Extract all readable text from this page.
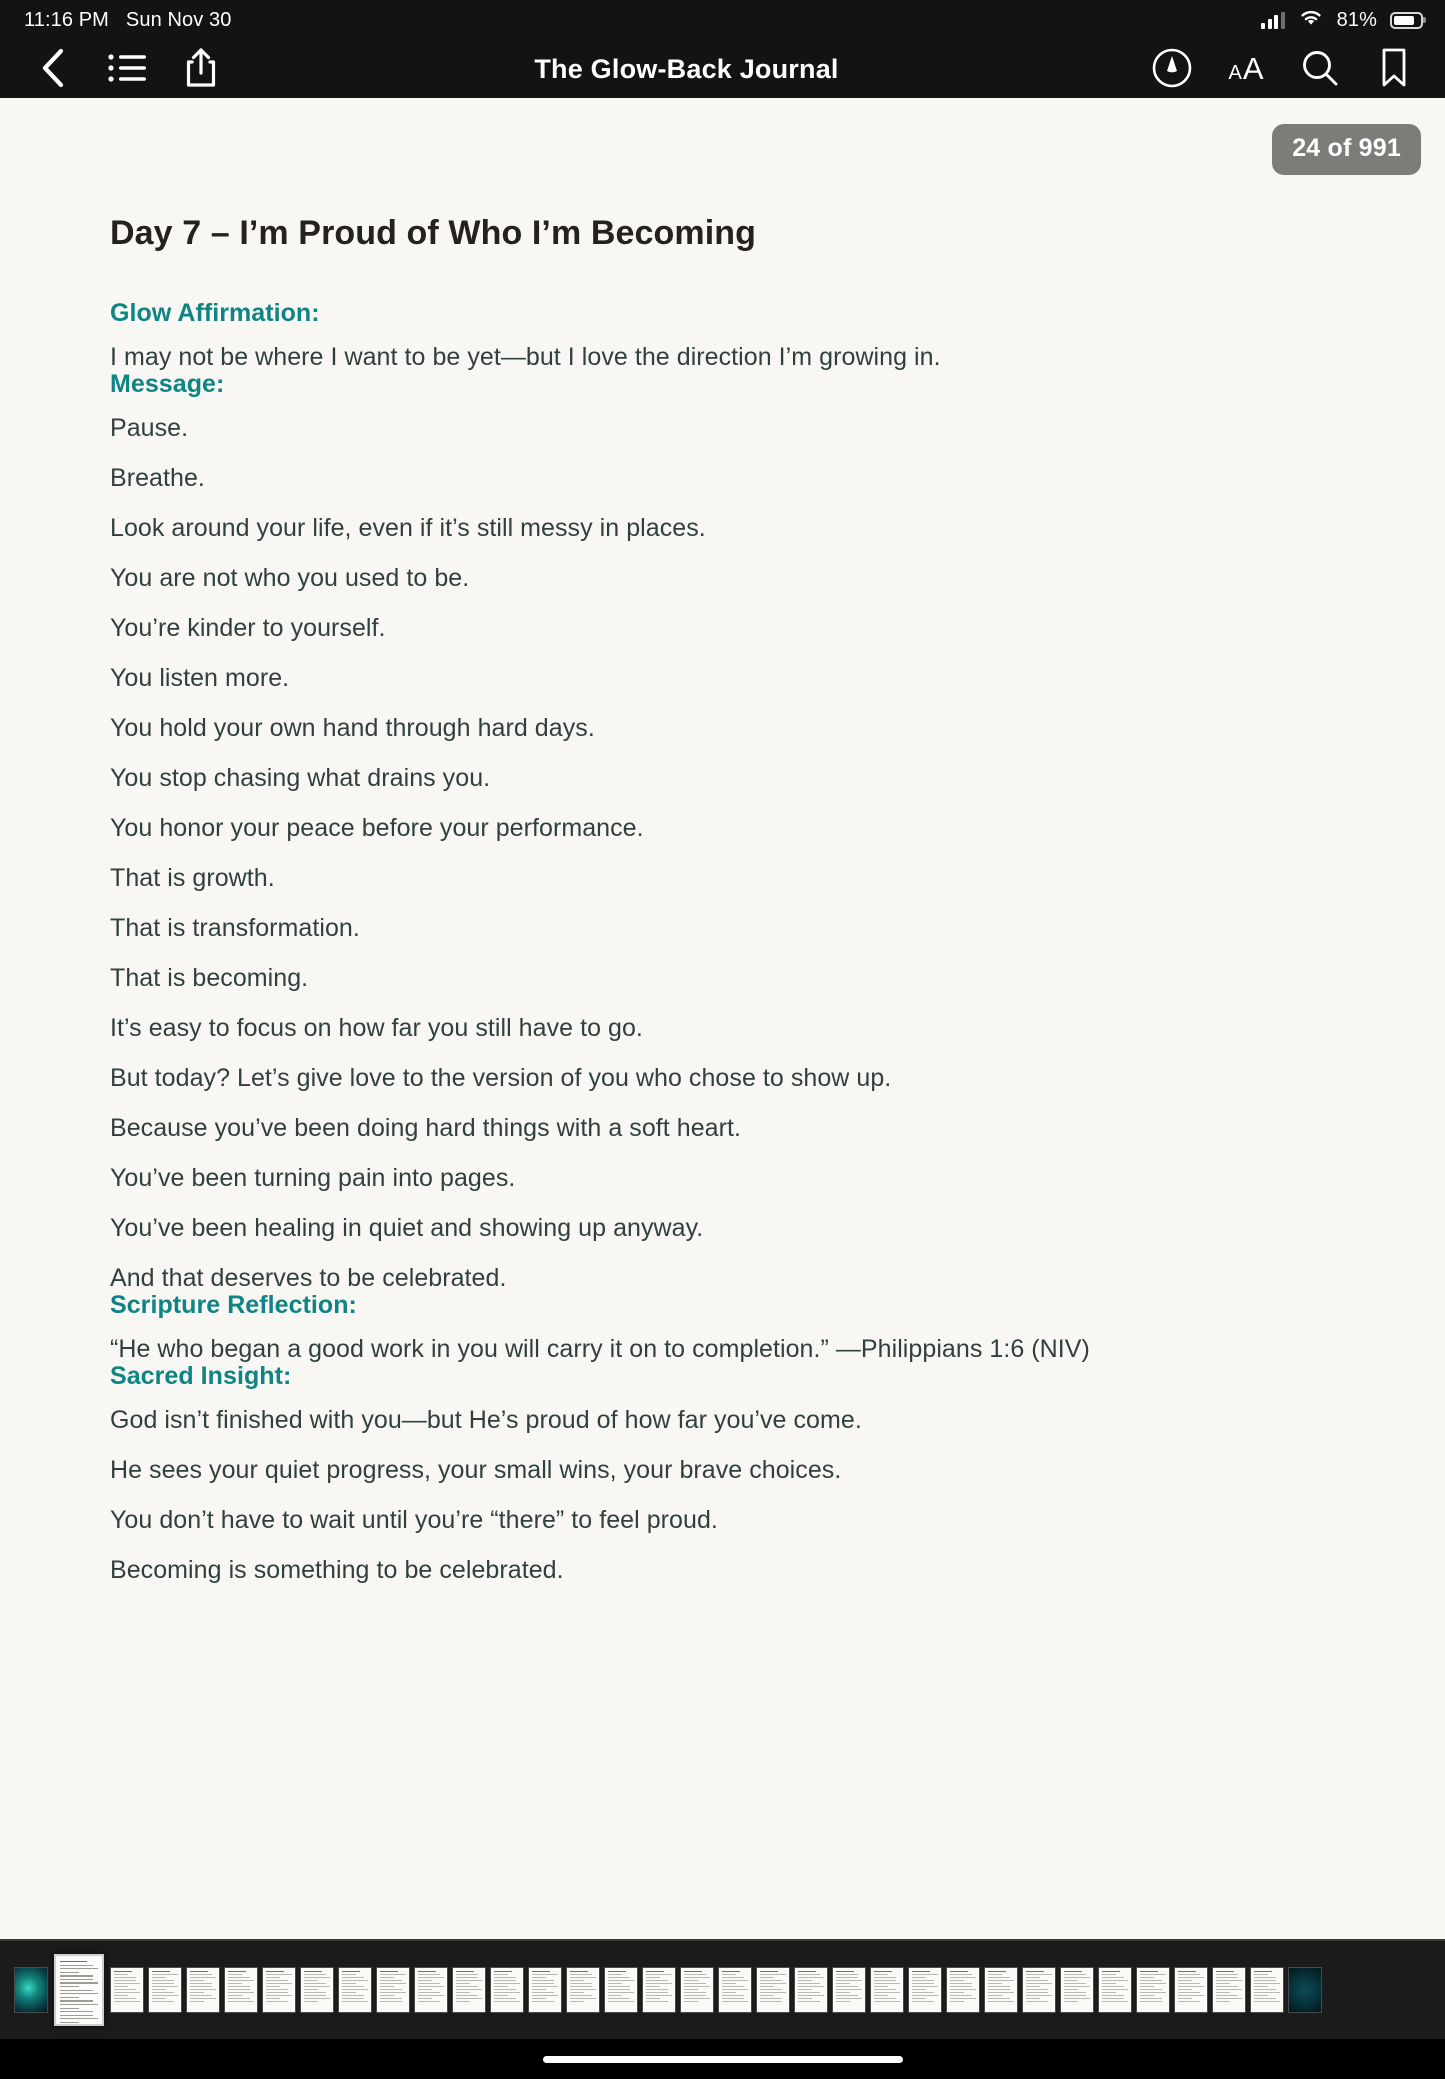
11:16 PM Sun Nov 30	81%
The Glow-Back Journal	A A
24 of 991
Day 7 – I’m Proud of Who I’m Becoming
Glow Affirmation:

I may not be where I want to be yet—but I love the direction I’m growing in.

Message:

Pause.

Breathe.

Look around your life, even if it’s still messy in places.

You are not who you used to be.

You’re kinder to yourself.

You listen more.

You hold your own hand through hard days.

You stop chasing what drains you.

You honor your peace before your performance.

That is growth.

That is transformation.

That is becoming.

It’s easy to focus on how far you still have to go.

But today? Let’s give love to the version of you who chose to show up.

Because you’ve been doing hard things with a soft heart.

You’ve been turning pain into pages.

You’ve been healing in quiet and showing up anyway.

And that deserves to be celebrated.

Scripture Reflection:

“He who began a good work in you will carry it on to completion.” —Philippians 1:6 (NIV)

Sacred Insight:

God isn’t finished with you—but He’s proud of how far you’ve come.

He sees your quiet progress, your small wins, your brave choices.

You don’t have to wait until you’re “there” to feel proud.

Becoming is something to be celebrated.
